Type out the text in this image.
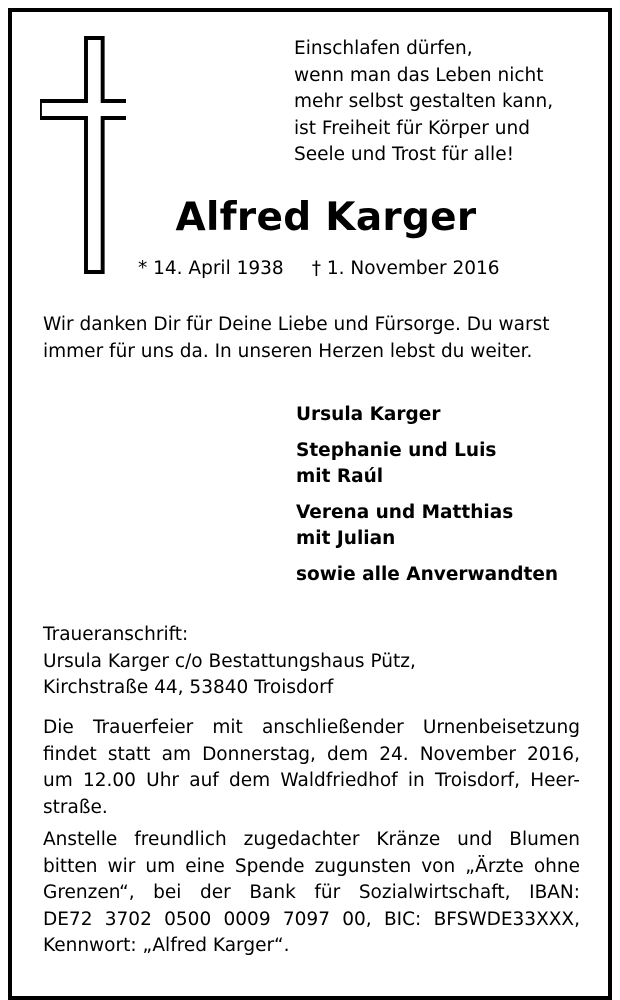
Einschlafen dürfen,
wenn man das Leben nicht
mehr selbst gestalten kann,
ist Freiheit für Körper und
Seele und Trost für alle!
Alfred Karger
* 14. April 1938 † 1. November 2016
Wir danken Dir für Deine Liebe und Fürsorge. Du warst
immer für uns da. In unseren Herzen lebst du weiter.
Ursula Karger
Stephanie und Luis
mit Raúl
Verena und Matthias
mit Julian
sowie alle Anverwandten
Traueranschrift:
Ursula Karger c/o Bestattungshaus Pütz,
Kirchstraße 44, 53840 Troisdorf
Die Trauerfeier mit anschließender Urnenbeisetzung
findet statt am Donnerstag, dem 24. November 2016,
um 12.00 Uhr auf dem Waldfriedhof in Troisdorf, Heer-
straße.
Anstelle freundlich zugedachter Kränze und Blumen
bitten wir um eine Spende zugunsten von „Ärzte ohne
Grenzen“, bei der Bank für Sozialwirtschaft, IBAN:
DE72 3702 0500 0009 7097 00, BIC: BFSWDE33XXX,
Kennwort: „Alfred Karger“.
